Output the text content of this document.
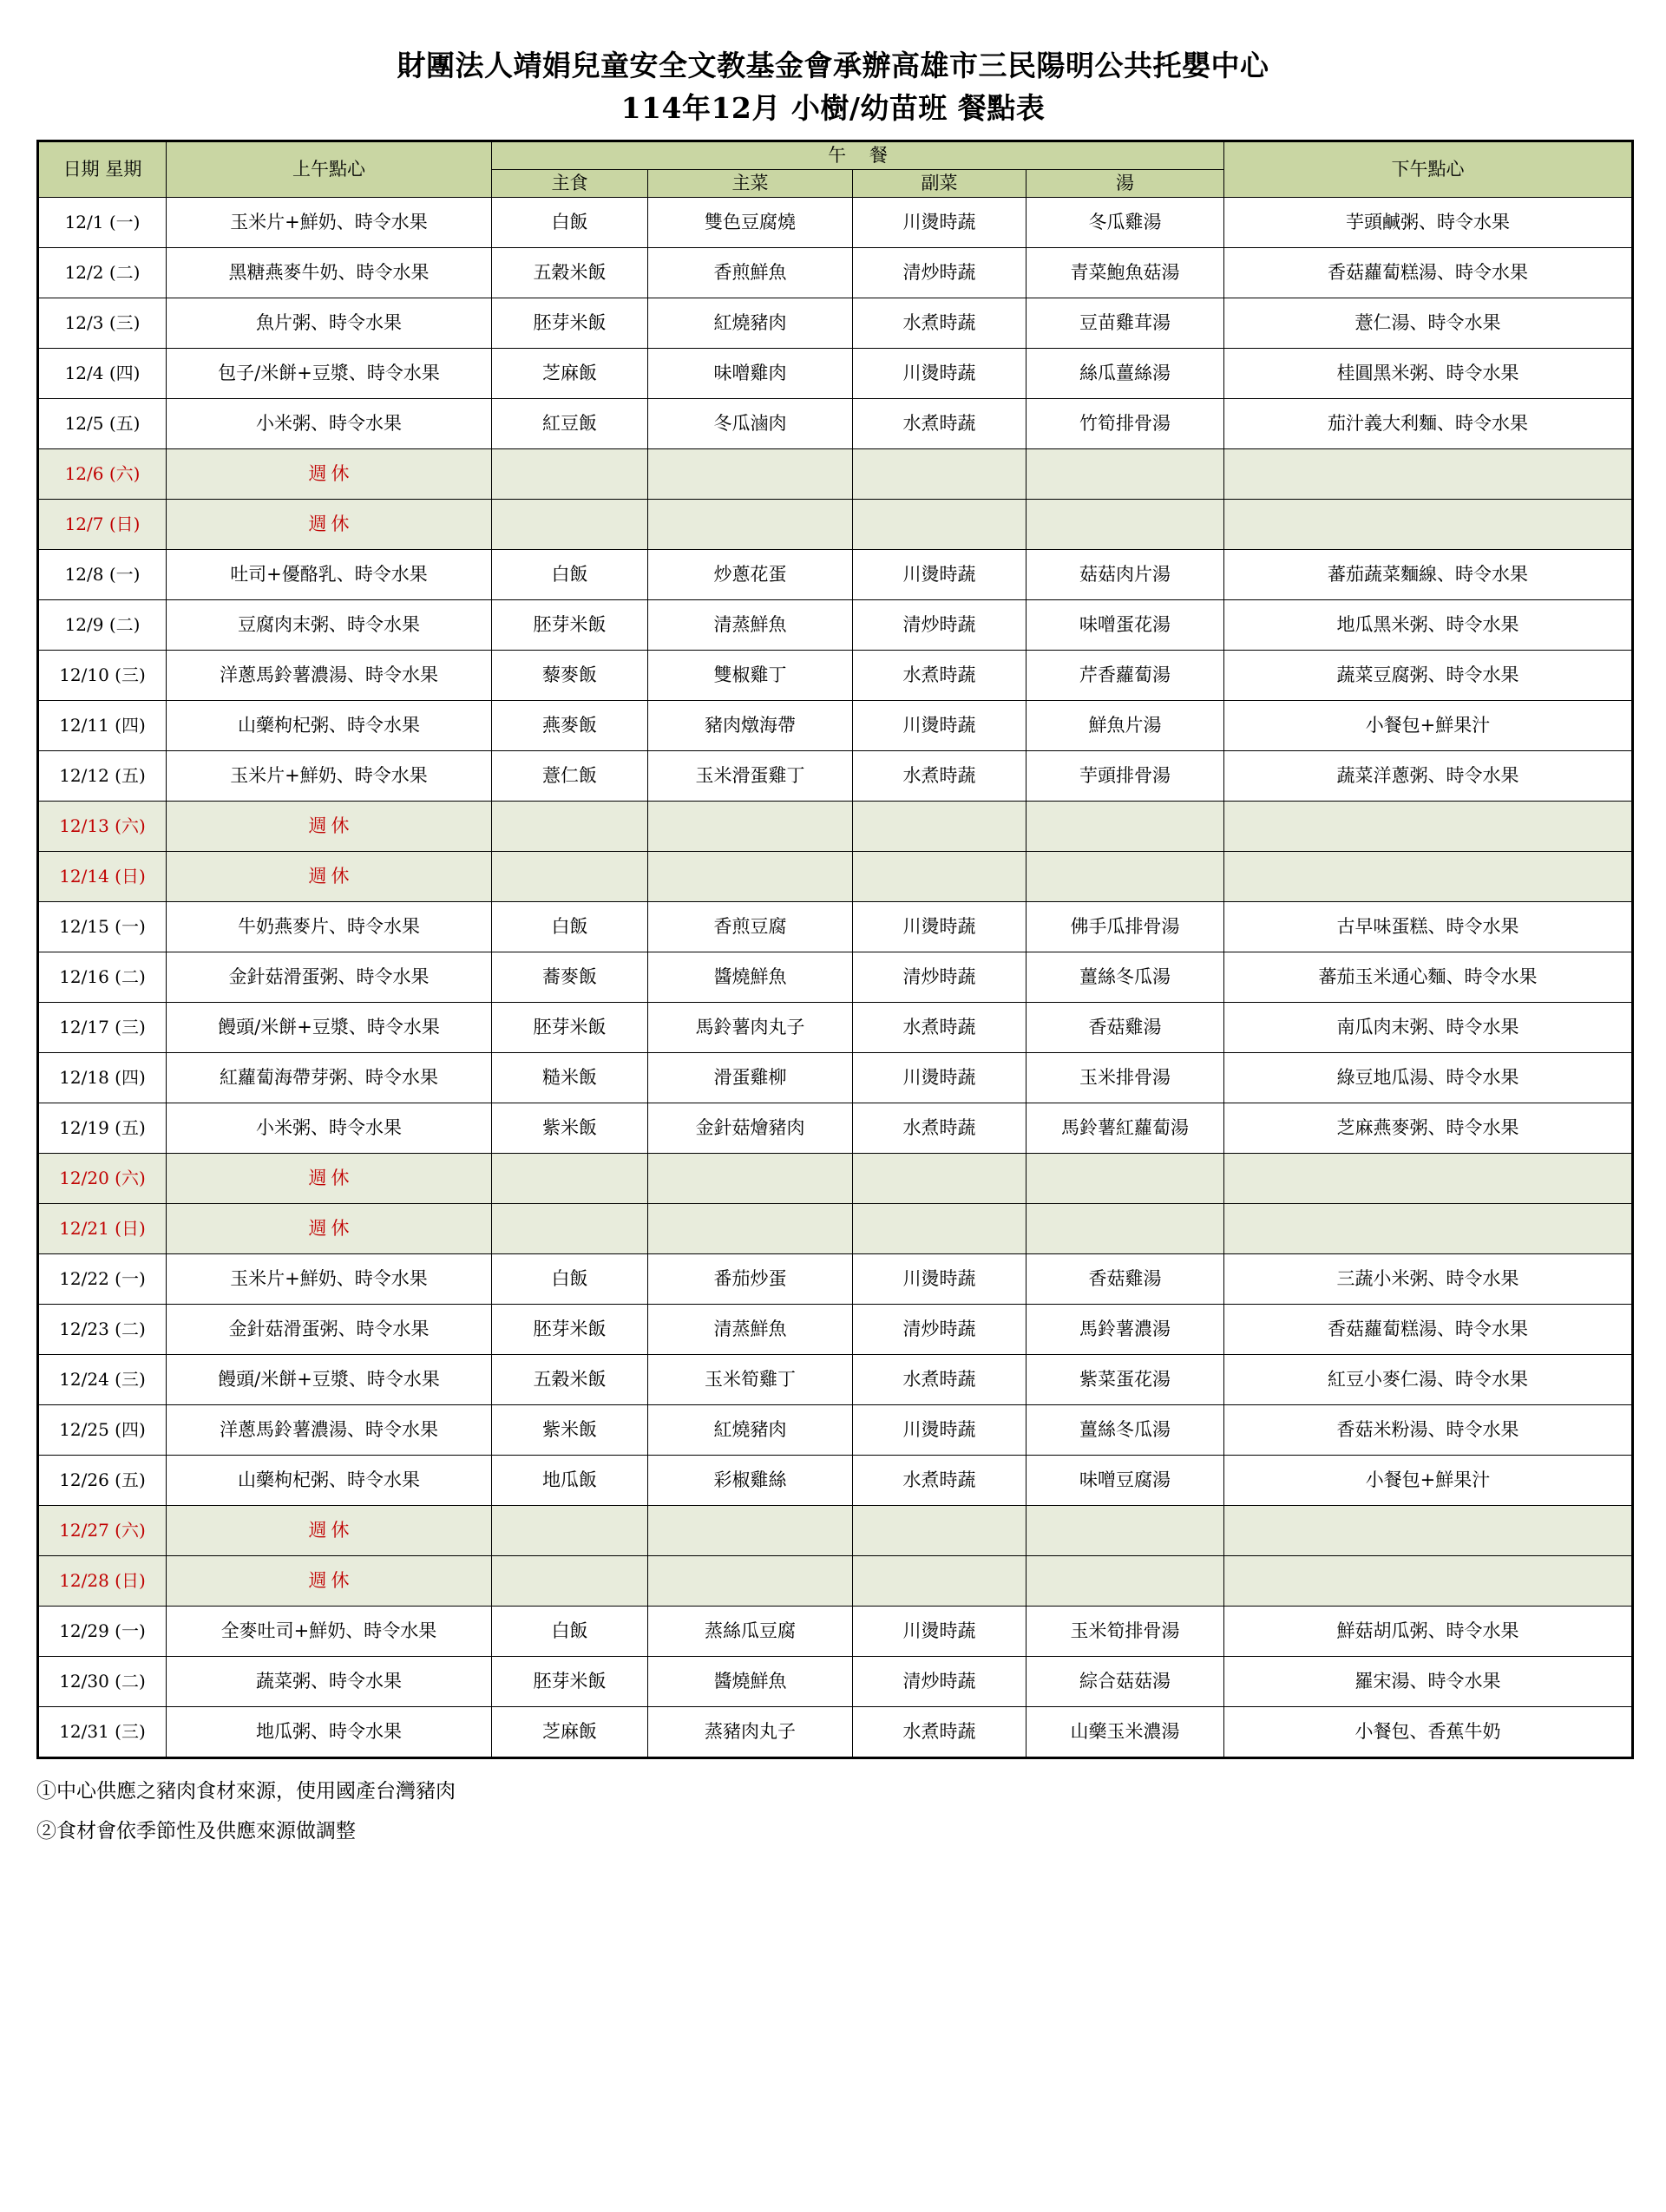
財團法人靖娟兒童安全文教基金會承辦高雄市三民陽明公共托嬰中心
114年12月 小樹/幼苗班 餐點表
日期 星期	上午點心	午 餐				下午點心
		主食	主菜	副菜	湯	
12/1 (一)	玉米片+鮮奶、時令水果	白飯	雙色豆腐燒	川燙時蔬	冬瓜雞湯	芋頭鹹粥、時令水果
12/2 (二)	黑糖燕麥牛奶、時令水果	五穀米飯	香煎鮮魚	清炒時蔬	青菜鮑魚菇湯	香菇蘿蔔糕湯、時令水果
12/3 (三)	魚片粥、時令水果	胚芽米飯	紅燒豬肉	水煮時蔬	豆苗雞茸湯	薏仁湯、時令水果
12/4 (四)	包子/米餅+豆漿、時令水果	芝麻飯	味噌雞肉	川燙時蔬	絲瓜薑絲湯	桂圓黑米粥、時令水果
12/5 (五)	小米粥、時令水果	紅豆飯	冬瓜滷肉	水煮時蔬	竹筍排骨湯	茄汁義大利麵、時令水果
12/6 (六)	週休					
12/7 (日)	週休					
12/8 (一)	吐司+優酪乳、時令水果	白飯	炒蔥花蛋	川燙時蔬	菇菇肉片湯	蕃茄蔬菜麵線、時令水果
12/9 (二)	豆腐肉末粥、時令水果	胚芽米飯	清蒸鮮魚	清炒時蔬	味噌蛋花湯	地瓜黑米粥、時令水果
12/10 (三)	洋蔥馬鈴薯濃湯、時令水果	藜麥飯	雙椒雞丁	水煮時蔬	芹香蘿蔔湯	蔬菜豆腐粥、時令水果
12/11 (四)	山藥枸杞粥、時令水果	燕麥飯	豬肉燉海帶	川燙時蔬	鮮魚片湯	小餐包+鮮果汁
12/12 (五)	玉米片+鮮奶、時令水果	薏仁飯	玉米滑蛋雞丁	水煮時蔬	芋頭排骨湯	蔬菜洋蔥粥、時令水果
12/13 (六)	週休					
12/14 (日)	週休					
12/15 (一)	牛奶燕麥片、時令水果	白飯	香煎豆腐	川燙時蔬	佛手瓜排骨湯	古早味蛋糕、時令水果
12/16 (二)	金針菇滑蛋粥、時令水果	蕎麥飯	醬燒鮮魚	清炒時蔬	薑絲冬瓜湯	蕃茄玉米通心麵、時令水果
12/17 (三)	饅頭/米餅+豆漿、時令水果	胚芽米飯	馬鈴薯肉丸子	水煮時蔬	香菇雞湯	南瓜肉末粥、時令水果
12/18 (四)	紅蘿蔔海帶芽粥、時令水果	糙米飯	滑蛋雞柳	川燙時蔬	玉米排骨湯	綠豆地瓜湯、時令水果
12/19 (五)	小米粥、時令水果	紫米飯	金針菇燴豬肉	水煮時蔬	馬鈴薯紅蘿蔔湯	芝麻燕麥粥、時令水果
12/20 (六)	週休					
12/21 (日)	週休					
12/22 (一)	玉米片+鮮奶、時令水果	白飯	番茄炒蛋	川燙時蔬	香菇雞湯	三蔬小米粥、時令水果
12/23 (二)	金針菇滑蛋粥、時令水果	胚芽米飯	清蒸鮮魚	清炒時蔬	馬鈴薯濃湯	香菇蘿蔔糕湯、時令水果
12/24 (三)	饅頭/米餅+豆漿、時令水果	五穀米飯	玉米筍雞丁	水煮時蔬	紫菜蛋花湯	紅豆小麥仁湯、時令水果
12/25 (四)	洋蔥馬鈴薯濃湯、時令水果	紫米飯	紅燒豬肉	川燙時蔬	薑絲冬瓜湯	香菇米粉湯、時令水果
12/26 (五)	山藥枸杞粥、時令水果	地瓜飯	彩椒雞絲	水煮時蔬	味噌豆腐湯	小餐包+鮮果汁
12/27 (六)	週休					
12/28 (日)	週休					
12/29 (一)	全麥吐司+鮮奶、時令水果	白飯	蒸絲瓜豆腐	川燙時蔬	玉米筍排骨湯	鮮菇胡瓜粥、時令水果
12/30 (二)	蔬菜粥、時令水果	胚芽米飯	醬燒鮮魚	清炒時蔬	綜合菇菇湯	羅宋湯、時令水果
12/31 (三)	地瓜粥、時令水果	芝麻飯	蒸豬肉丸子	水煮時蔬	山藥玉米濃湯	小餐包、香蕉牛奶
①中心供應之豬肉食材來源，使用國產台灣豬肉
②食材會依季節性及供應來源做調整
